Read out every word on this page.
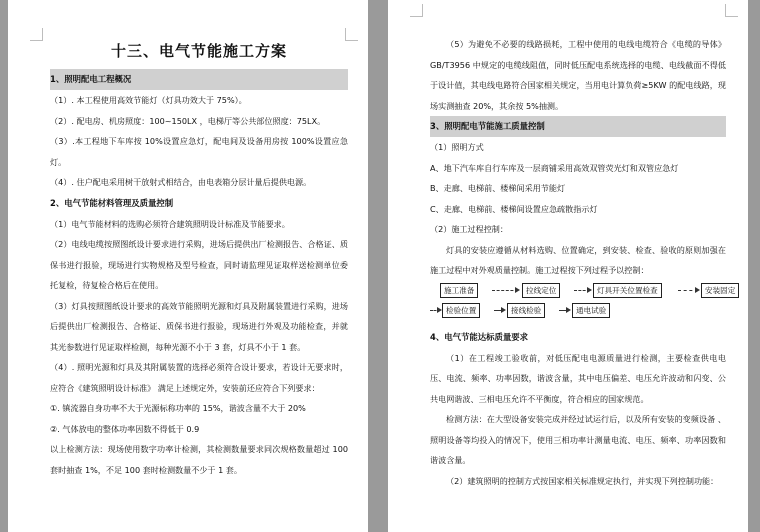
十三、电气节能施工方案
1、照明配电工程概况
（1）. 本工程使用高效节能灯（灯具功效大于 75%）。
（2）. 配电房、机房照度：100~150LX ，电梯厅等公共部位照度：75LX。
（3）.本工程地下车库按 10%设置应急灯，配电间及设备用房按 100%设置应急灯。
（4）. 住户配电采用树干放射式相结合，由电表箱分层计量后提供电源。
2、电气节能材料管理及质量控制
（1）电气节能材料的选购必须符合建筑照明设计标准及节能要求。
（2）电线电缆按照图纸设计要求进行采购，进场后提供出厂检测报告、合格证、质保书进行报验，现场进行实物规格及型号检查，同时请监理见证取样送检测单位委托复检，待复检合格后在使用。
（3）灯具按照图纸设计要求的高效节能照明光源和灯具及附属装置进行采购，进场后提供出厂检测报告、合格证、质保书进行报验，现场进行外观及功能检查，并就其光参数进行见证取样检测，每种光源不小于 3 套，灯具不小于 1 套。
（4）. 照明光源和灯具及其附属装置的选择必须符合设计要求，若设计无要求时，应符合《建筑照明设计标准》 满足上述规定外，安装前还应符合下列要求：
①. 镇流器自身功率不大于光源标称功率的 15%，谐波含量不大于 20%
②. 气体放电的整体功率因数不得低于 0.9
以上检测方法：现场使用数字功率计检测，其检测数量要求同次规格数量超过 100 套时抽查 1%，不足 100 套时检测数量不少于 1 套。
（5）为避免不必要的线路损耗，工程中使用的电线电缆符合《电缆的导体》GB/T3956 中规定的电缆线阻值，同时低压配电系统选择的电缆、电线截面不得低于设计值，其电线电路符合国家相关规定，当用电计算负荷≥5KW 的配电线路，现场实测抽查 20%，其余按 5%抽测。
3、照明配电节能施工质量控制
（1）照明方式
A、地下汽车库自行车库及一层商铺采用高效双管荧光灯和双管应急灯
B、走廊、电梯前、楼梯间采用节能灯
C、走廊、电梯前、楼梯间设置应急疏散指示灯
（2）施工过程控制：
灯具的安装应遵循从材料选购、位置确定，到安装、检查、验收的原则加强在施工过程中对外观质量控制。施工过程按下列过程予以控制：
施工准备	拉线定位	灯具开关位置检查	安装固定
检验位置	接线检验	通电试验
4、电气节能达标质量要求
（1）在工程竣工验收前，对低压配电电源质量进行检测，主要检查供电电压、电流、频率、功率因数，谐波含量，其中电压偏差、电压允许波动和闪变、公共电网谐波、三相电压允许不平衡度，符合相应的国家规范。
检测方法：在大型设备安装完成并经过试运行后，以及所有安装的变频设备 、照明设备等均投入的情况下，使用三相功率计测量电流、电压、频率、功率因数和谐波含量。
（2）建筑照明的控制方式按国家相关标准规定执行，并实现下列控制功能：
